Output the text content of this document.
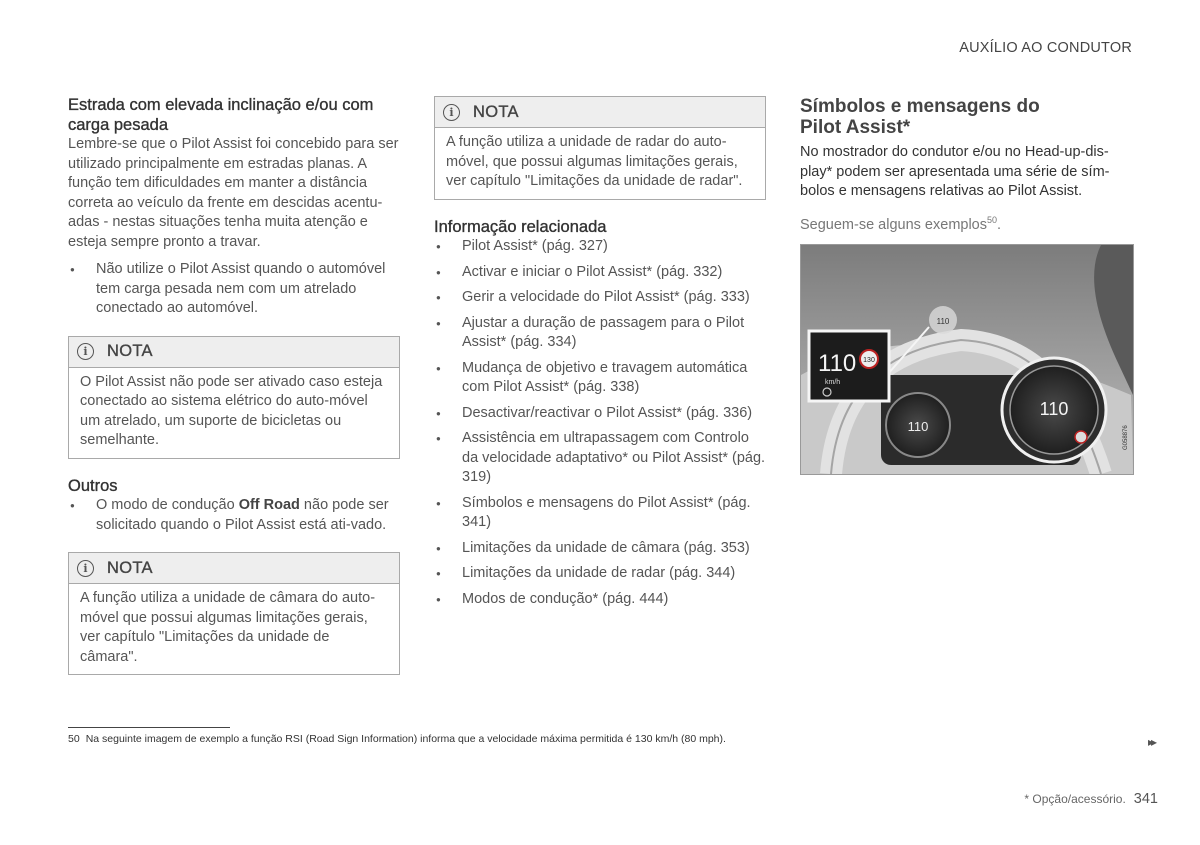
AUXÍLIO AO CONDUTOR
Estrada com elevada inclinação e/ou com carga pesada

Lembre-se que o Pilot Assist foi concebido para ser utilizado principalmente em estradas planas. A função tem dificuldades em manter a distância correta ao veículo da frente em descidas acentu-adas - nestas situações tenha muita atenção e esteja sempre pronto a travar.

● Não utilize o Pilot Assist quando o automóvel tem carga pesada nem com um atrelado conectado ao automóvel.
i	NOTA

O Pilot Assist não pode ser ativado caso esteja conectado ao sistema elétrico do auto-móvel um atrelado, um suporte de bicicletas ou semelhante.

Outros
● O modo de condução Off Road não pode ser solicitado quando o Pilot Assist está ati-vado.
i	NOTA

A função utiliza a unidade de câmara do auto-móvel que possui algumas limitações gerais, ver capítulo "Limitações da unidade de câmara".

i	NOTA

A função utiliza a unidade de radar do auto-móvel, que possui algumas limitações gerais, ver capítulo "Limitações da unidade de radar".

Informação relacionada
● Pilot Assist* (pág. 327)
● Activar e iniciar o Pilot Assist* (pág. 332)
● Gerir a velocidade do Pilot Assist* (pág. 333)
● Ajustar a duração de passagem para o Pilot Assist* (pág. 334)
● Mudança de objetivo e travagem automática com Pilot Assist* (pág. 338)
● Desactivar/reactivar o Pilot Assist* (pág. 336)
● Assistência em ultrapassagem com Controlo da velocidade adaptativo* ou Pilot Assist* (pág. 319)
● Símbolos e mensagens do Pilot Assist* (pág. 341)
● Limitações da unidade de câmara (pág. 353)
● Limitações da unidade de radar (pág. 344)
● Modos de condução* (pág. 444)
Símbolos e mensagens do Pilot Assist*

No mostrador do condutor e/ou no Head-up-dis-play* podem ser apresentada uma série de sím-bolos e mensagens relativas ao Pilot Assist.

Seguem-se alguns exemplos$^{50}$.

110
110
110
110
km/h
130
G058876
50 Na seguinte imagem de exemplo a função RSI (Road Sign Information) informa que a velocidade máxima permitida é 130 km/h (80 mph).	▸▸
* Opção/acessório. 341
